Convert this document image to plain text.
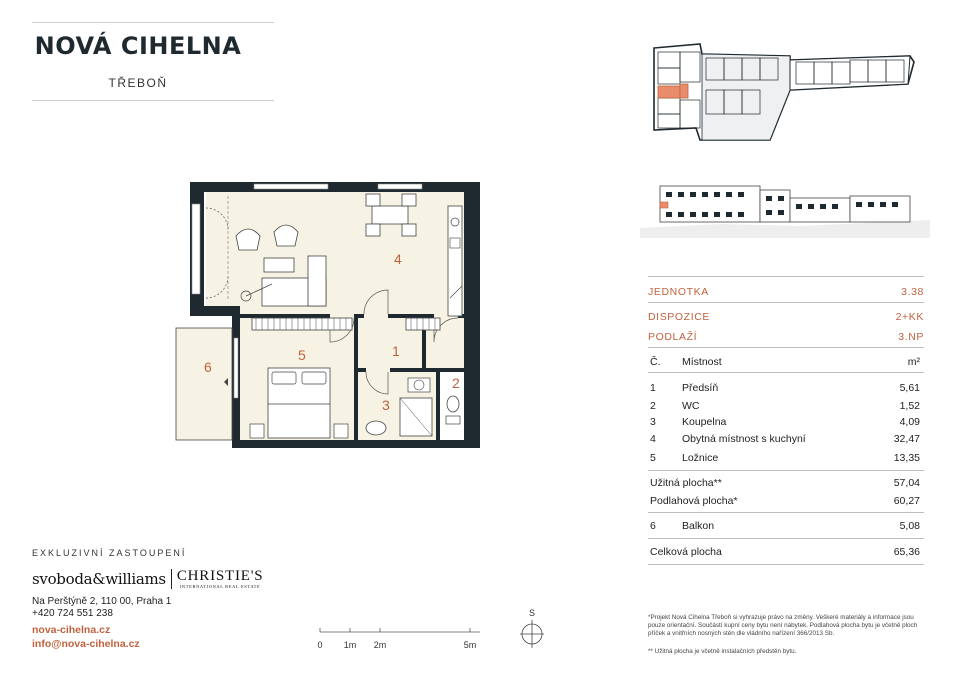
NOVÁ CIHELNA
TŘEBOŇ
1
2
3
4
5
6
EXKLUZIVNÍ ZASTOUPENÍ
svoboda&williams CHRISTIE'S
INTERNATIONAL REAL ESTATE
Na Perštýně 2, 110 00, Praha 1
+420 724 551 238
nova-cihelna.cz
info@nova-cihelna.cz	0 1m 2m	5m
S
JEDNOTKA	3.38
DISPOZICE	2+KK
PODLAŽÍ	3.NP
Č. Místnost	m²
1 Předsíň	5,61
2 WC	1,52
3 Koupelna	4,09
4 Obytná místnost s kuchyní	32,47
5 Ložnice	13,35
Užitná plocha**	57,04
Podlahová plocha*	60,27
6 Balkon	5,08
Celková plocha	65,36
*Projekt Nová Cihelna Třeboň si vyhrazuje právo na změny. Veškeré materiály a informace jsou pouze orientační. Součástí kupní ceny bytu není nábytek. Podlahová plocha bytu je včetně ploch příček a vnitřních nosných stěn dle vládního nařízení 366/2013 Sb.
** Užitná plocha je včetně instalačních předstěn bytu.
